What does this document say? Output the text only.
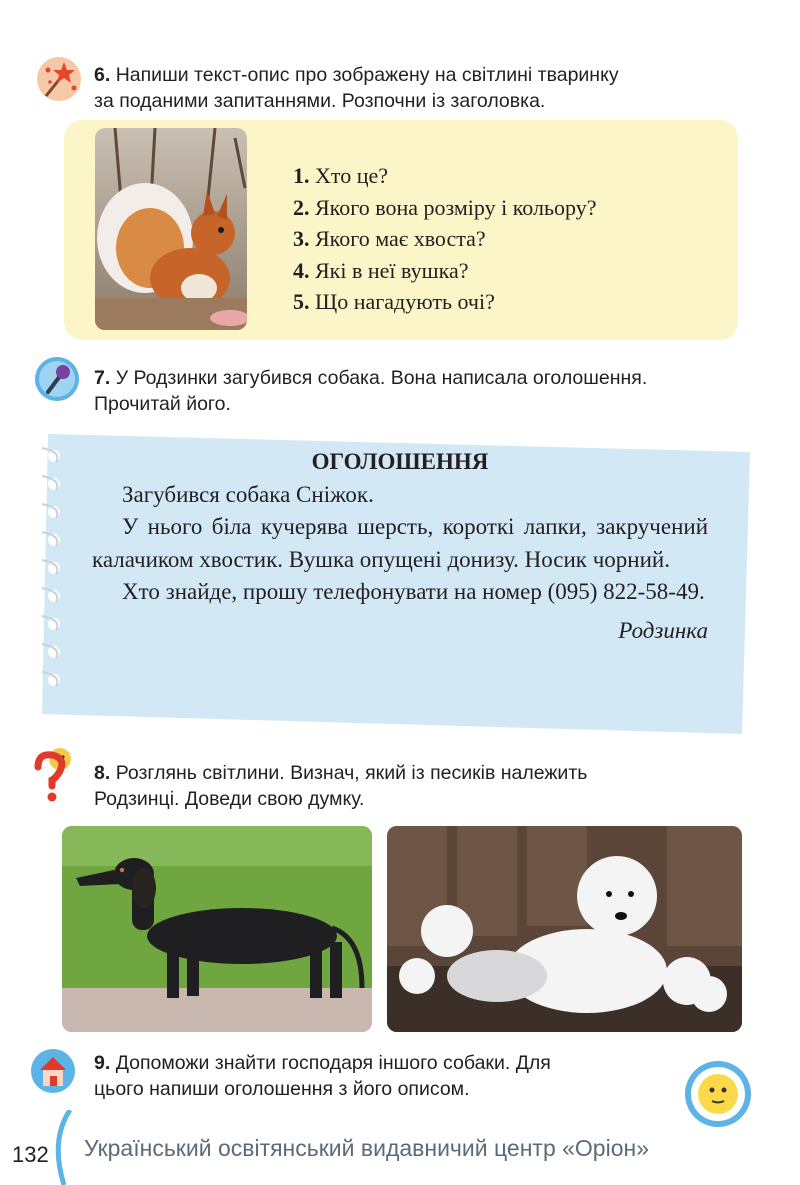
6. Напиши текст-опис про зображену на світлині тваринку
за поданими запитаннями. Розпочни із заголовка.
1. Хто це?
2. Якого вона розміру і кольору?
3. Якого має хвоста?
4. Які в неї вушка?
5. Що нагадують очі?
7. У Родзинки загубився собака. Вона написала оголошення.
Прочитай його.
ОГОЛОШЕННЯ
Загубився собака Сніжок.
У нього біла кучерява шерсть, короткі лапки, закручений калачиком хвостик. Вушка опущені донизу. Носик чорний.
Хто знайде, прошу телефонувати на номер (095) 822-58-49.
Родзинка
8. Розглянь світлини. Визнач, який із песиків належить
Родзинці. Доведи свою думку.
9. Допоможи знайти господаря іншого собаки. Для
цього напиши оголошення з його описом.
132 Український освітянський видавничий центр «Оріон»
